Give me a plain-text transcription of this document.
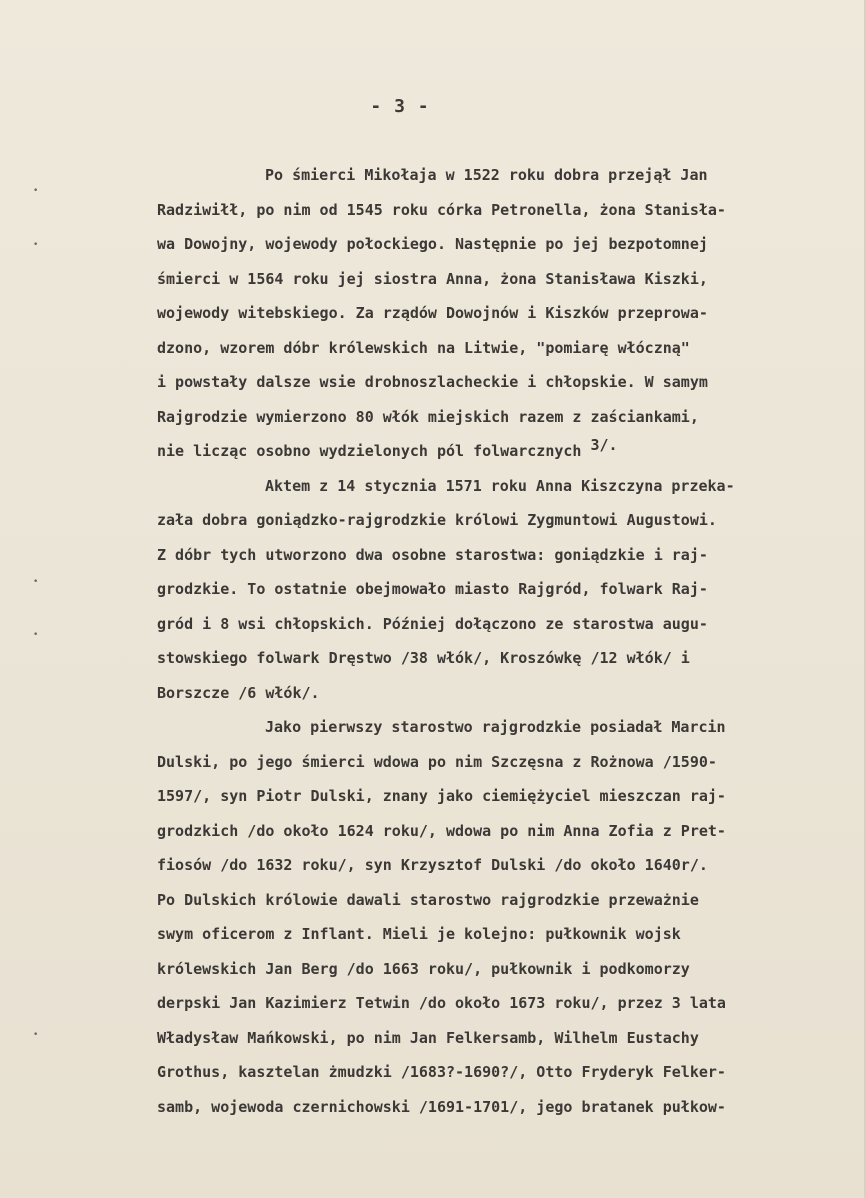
- 3 -
•
•
•
•
•
Po śmierci Mikołaja w 1522 roku dobra przejął Jan
Radziwiłł, po nim od 1545 roku córka Petronella, żona Stanisła-
wa Dowojny, wojewody połockiego. Następnie po jej bezpotomnej
śmierci w 1564 roku jej siostra Anna, żona Stanisława Kiszki,
wojewody witebskiego. Za rządów Dowojnów i Kiszków przeprowa-
dzono, wzorem dóbr królewskich na Litwie, "pomiarę włóczną"
i powstały dalsze wsie drobnoszlacheckie i chłopskie. W samym
Rajgrodzie wymierzono 80 włók miejskich razem z zaściankami,
nie licząc osobno wydzielonych pól folwarcznych 3/.
Aktem z 14 stycznia 1571 roku Anna Kiszczyna przeka-
zała dobra goniądzko-rajgrodzkie królowi Zygmuntowi Augustowi.
Z dóbr tych utworzono dwa osobne starostwa: goniądzkie i raj-
grodzkie. To ostatnie obejmowało miasto Rajgród, folwark Raj-
gród i 8 wsi chłopskich. Później dołączono ze starostwa augu-
stowskiego folwark Dręstwo /38 włók/, Kroszówkę /12 włók/ i
Borszcze /6 włók/.
Jako pierwszy starostwo rajgrodzkie posiadał Marcin
Dulski, po jego śmierci wdowa po nim Szczęsna z Rożnowa /1590-
1597/, syn Piotr Dulski, znany jako ciemiężyciel mieszczan raj-
grodzkich /do około 1624 roku/, wdowa po nim Anna Zofia z Pret-
fiosów /do 1632 roku/, syn Krzysztof Dulski /do około 1640r/.
Po Dulskich królowie dawali starostwo rajgrodzkie przeważnie
swym oficerom z Inflant. Mieli je kolejno: pułkownik wojsk
królewskich Jan Berg /do 1663 roku/, pułkownik i podkomorzy
derpski Jan Kazimierz Tetwin /do około 1673 roku/, przez 3 lata
Władysław Mańkowski, po nim Jan Felkersamb, Wilhelm Eustachy
Grothus, kasztelan żmudzki /1683?-1690?/, Otto Fryderyk Felker-
samb, wojewoda czernichowski /1691-1701/, jego bratanek pułkow-
